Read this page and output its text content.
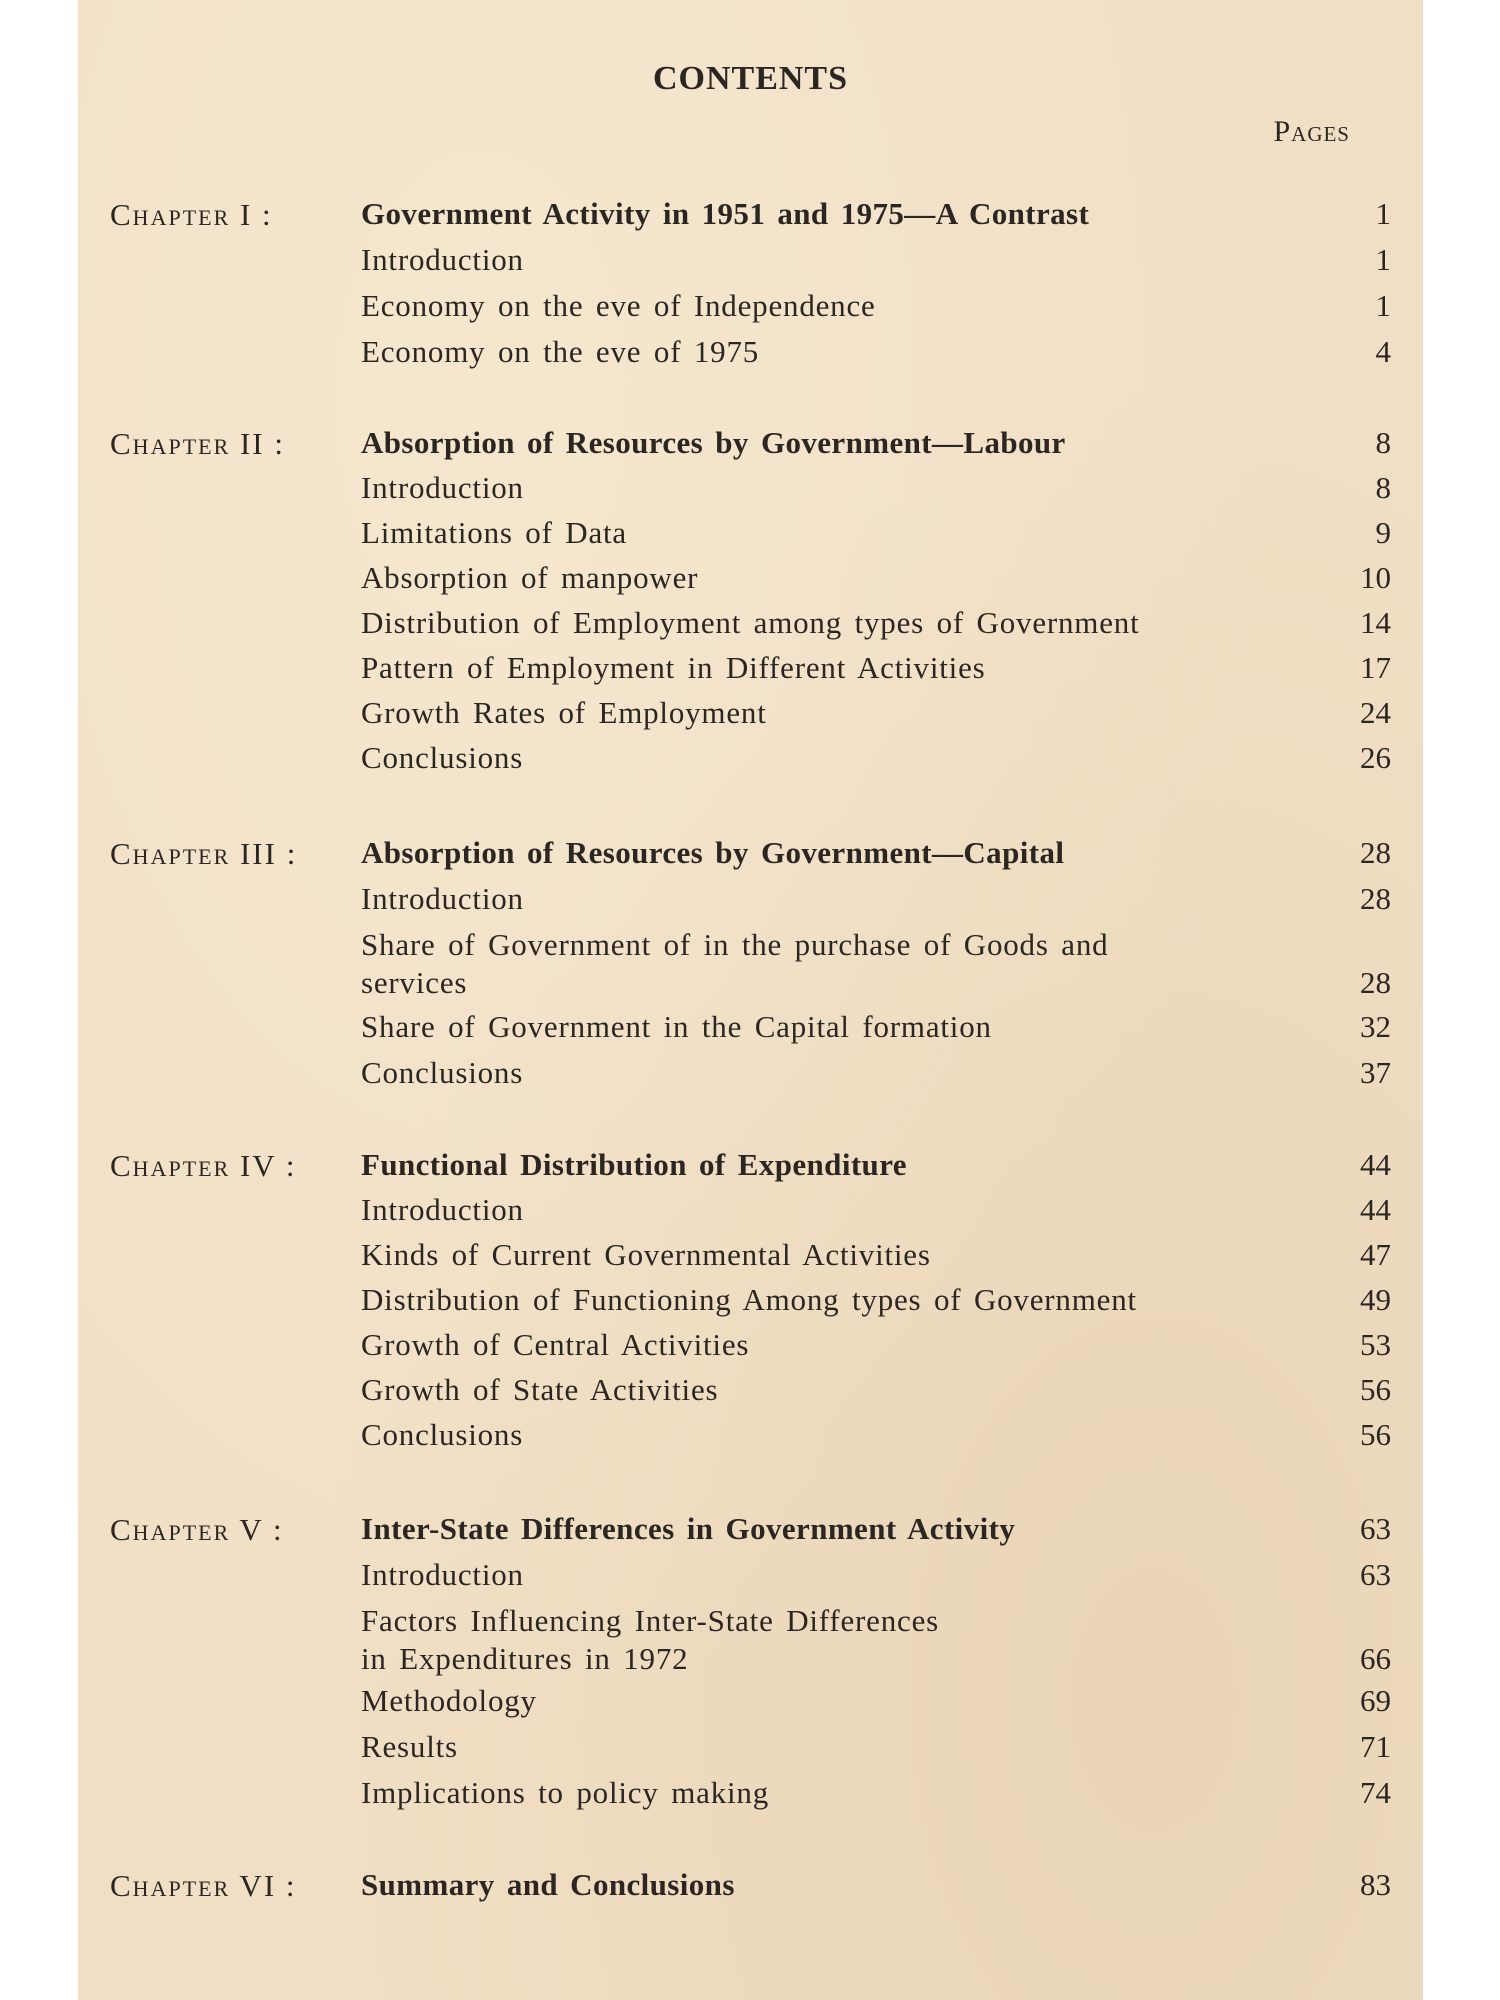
CONTENTS
Pages
Chapter I :	Government Activity in 1951 and 1975—A Contrast	1
Introduction	1
Economy on the eve of Independence	1
Economy on the eve of 1975	4
Chapter II :	Absorption of Resources by Government—Labour	8
Introduction	8
Limitations of Data	9
Absorption of manpower	10
Distribution of Employment among types of Government	14
Pattern of Employment in Different Activities	17
Growth Rates of Employment	24
Conclusions	26
Chapter III :	Absorption of Resources by Government—Capital	28
Introduction	28
Share of Government of in the purchase of Goods and services	28
Share of Government in the Capital formation	32
Conclusions	37
Chapter IV :	Functional Distribution of Expenditure	44
Introduction	44
Kinds of Current Governmental Activities	47
Distribution of Functioning Among types of Government	49
Growth of Central Activities	53
Growth of State Activities	56
Conclusions	56
Chapter V :	Inter-State Differences in Government Activity	63
Introduction	63
Factors Influencing Inter-State Differences in Expenditures in 1972	66
Methodology	69
Results	71
Implications to policy making	74
Chapter VI :	Summary and Conclusions	83
